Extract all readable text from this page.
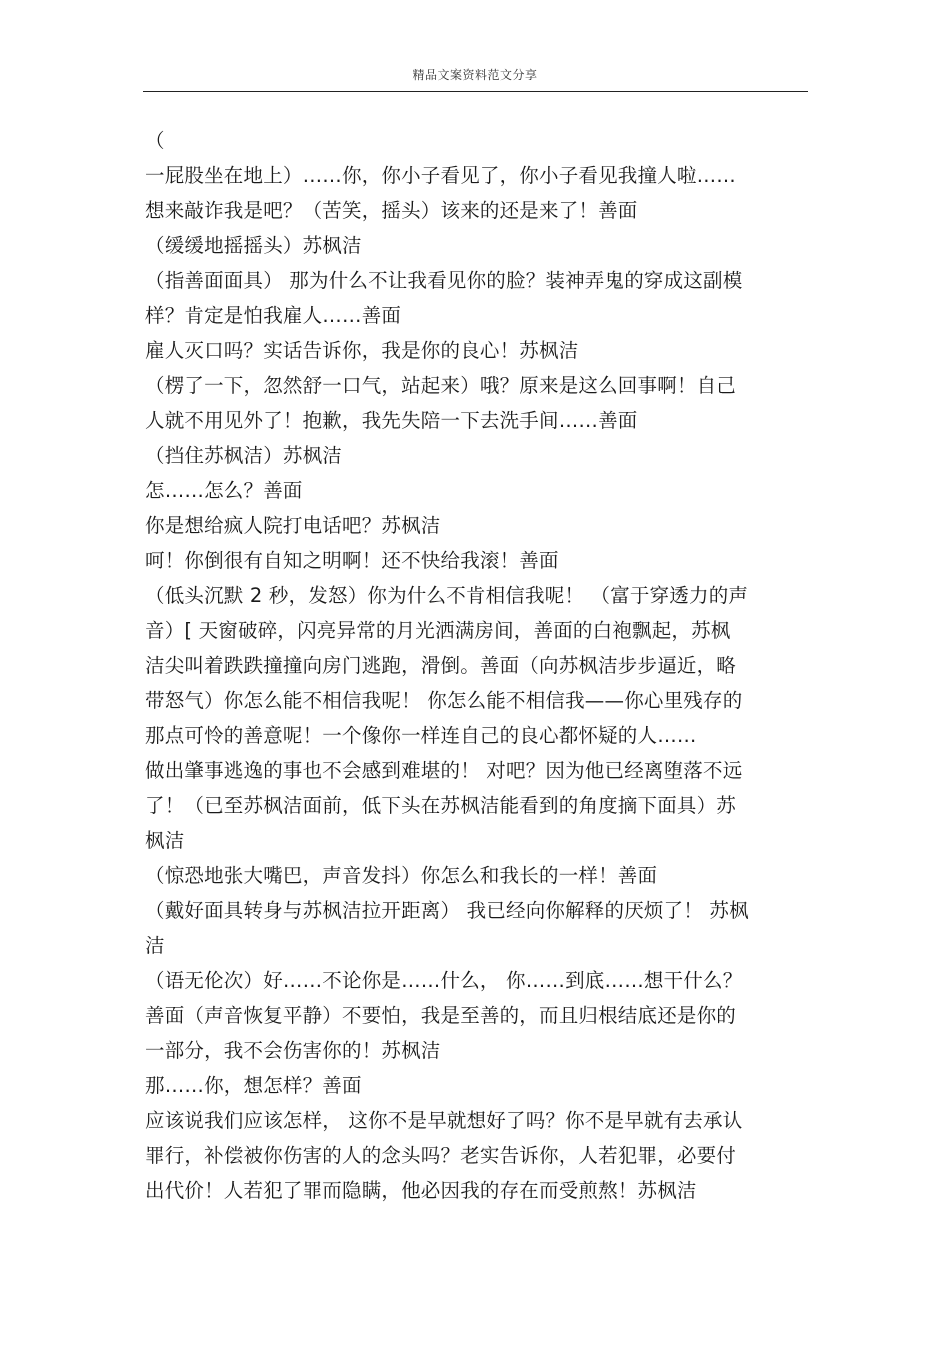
精品文案资料范文分享
（
一屁股坐在地上）……你，你小子看见了，你小子看见我撞人啦……
想来敲诈我是吧？（苦笑，摇头）该来的还是来了！善面
（缓缓地摇摇头）苏枫洁
（指善面面具） 那为什么不让我看见你的脸？装神弄鬼的穿成这副模
样？肯定是怕我雇人……善面
雇人灭口吗？实话告诉你，我是你的良心！苏枫洁
（楞了一下，忽然舒一口气，站起来）哦？原来是这么回事啊！自己
人就不用见外了！抱歉，我先失陪一下去洗手间……善面
（挡住苏枫洁）苏枫洁
怎……怎么？善面
你是想给疯人院打电话吧？苏枫洁
呵！你倒很有自知之明啊！还不快给我滚！善面
（低头沉默 2 秒，发怒）你为什么不肯相信我呢！ （富于穿透力的声
音）[ 天窗破碎，闪亮异常的月光洒满房间，善面的白袍飘起，苏枫
洁尖叫着跌跌撞撞向房门逃跑，滑倒。善面（向苏枫洁步步逼近，略
带怒气）你怎么能不相信我呢！ 你怎么能不相信我——你心里残存的
那点可怜的善意呢！一个像你一样连自己的良心都怀疑的人……
做出肇事逃逸的事也不会感到难堪的！ 对吧？因为他已经离堕落不远
了！（已至苏枫洁面前，低下头在苏枫洁能看到的角度摘下面具）苏
枫洁
（惊恐地张大嘴巴，声音发抖）你怎么和我长的一样！善面
（戴好面具转身与苏枫洁拉开距离） 我已经向你解释的厌烦了！ 苏枫
洁
（语无伦次）好……不论你是……什么， 你……到底……想干什么？
善面（声音恢复平静）不要怕，我是至善的，而且归根结底还是你的
一部分，我不会伤害你的！苏枫洁
那……你，想怎样？善面
应该说我们应该怎样， 这你不是早就想好了吗？你不是早就有去承认
罪行，补偿被你伤害的人的念头吗？老实告诉你，人若犯罪，必要付
出代价！人若犯了罪而隐瞒，他必因我的存在而受煎熬！苏枫洁
